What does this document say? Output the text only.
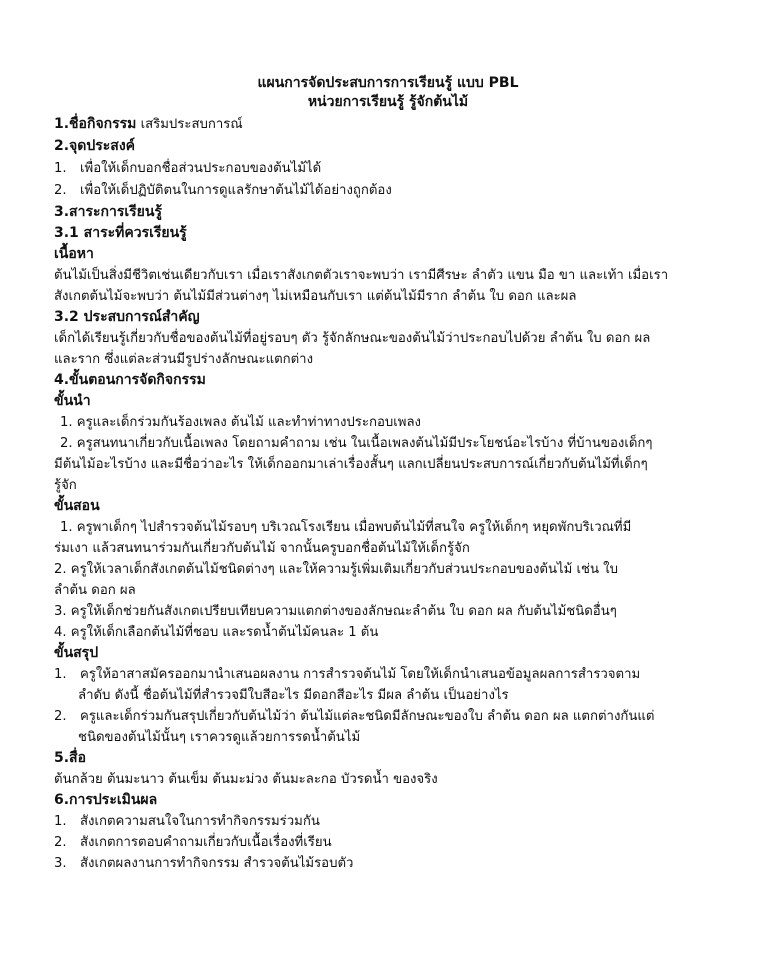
แผนการจัดประสบการการเรียนรู้ แบบ PBL
หน่วยการเรียนรู้ รู้จักต้นไม้
1.ชื่อกิจกรรม เสริมประสบการณ์
2.จุดประสงค์
1. เพื่อให้เด็กบอกชื่อส่วนประกอบของต้นไม้ได้
2. เพื่อให้เด็ปฏิบัติตนในการดูแลรักษาต้นไม้ได้อย่างถูกต้อง
3.สาระการเรียนรู้
3.1 สาระที่ควรเรียนรู้
เนื้อหา
ต้นไม้เป็นสิ่งมีชีวิตเช่นเดียวกับเรา เมื่อเราสังเกตตัวเราจะพบว่า เรามีศีรษะ ลำตัว แขน มือ ขา และเท้า เมื่อเรา
สังเกตต้นไม้จะพบว่า ต้นไม้มีส่วนต่างๆ ไม่เหมือนกับเรา แต่ต้นไม้มีราก ลำต้น ใบ ดอก และผล
3.2 ประสบการณ์สำคัญ
เด็กได้เรียนรู้เกี่ยวกับชื่อของต้นไม้ที่อยู่รอบๆ ตัว รู้จักลักษณะของต้นไม้ว่าประกอบไปด้วย ลำต้น ใบ ดอก ผล
และราก ซึ่งแต่ละส่วนมีรูปร่างลักษณะแตกต่าง
4.ขั้นตอนการจัดกิจกรรม
ขั้นนำ
1. ครูและเด็กร่วมกันร้องเพลง ต้นไม้ และทำท่าทางประกอบเพลง
2. ครูสนทนาเกี่ยวกับเนื้อเพลง โดยถามคำถาม เช่น ในเนื้อเพลงต้นไม้มีประโยชน์อะไรบ้าง ที่บ้านของเด็กๆ
มีต้นไม้อะไรบ้าง และมีชื่อว่าอะไร ให้เด็กออกมาเล่าเรื่องสั้นๆ แลกเปลี่ยนประสบการณ์เกี่ยวกับต้นไม้ที่เด็กๆ
รู้จัก
ขั้นสอน
1. ครูพาเด็กๆ ไปสำรวจต้นไม้รอบๆ บริเวณโรงเรียน เมื่อพบต้นไม้ที่สนใจ ครูให้เด็กๆ หยุดพักบริเวณที่มี
ร่มเงา แล้วสนทนาร่วมกันเกี่ยวกับต้นไม้ จากนั้นครูบอกชื่อต้นไม้ให้เด็กรู้จัก
2. ครูให้เวลาเด็กสังเกตต้นไม้ชนิดต่างๆ และให้ความรู้เพิ่มเติมเกี่ยวกับส่วนประกอบของต้นไม้ เช่น ใบ
ลำต้น ดอก ผล
3. ครูให้เด็กช่วยกันสังเกตเปรียบเทียบความแตกต่างของลักษณะลำต้น ใบ ดอก ผล กับต้นไม้ชนิดอื่นๆ
4. ครูให้เด็กเลือกต้นไม้ที่ชอบ และรดน้ำต้นไม้คนละ 1 ต้น
ขั้นสรุป
1. ครูให้อาสาสมัครออกมานำเสนอผลงาน การสำรวจต้นไม้ โดยให้เด็กนำเสนอข้อมูลผลการสำรวจตาม
ลำดับ ดังนี้ ชื่อต้นไม้ที่สำรวจมีใบสีอะไร มีดอกสีอะไร มีผล ลำต้น เป็นอย่างไร
2. ครูและเด็กร่วมกันสรุปเกี่ยวกับต้นไม้ว่า ต้นไม้แต่ละชนิดมีลักษณะของใบ ลำต้น ดอก ผล แตกต่างกันแต่
ชนิดของต้นไม้นั้นๆ เราควรดูแล้วยการรดน้ำต้นไม้
5.สื่อ
ต้นกล้วย ต้นมะนาว ต้นเข็ม ต้นมะม่วง ต้นมะละกอ บัวรดน้ำ ของจริง
6.การประเมินผล
1. สังเกตความสนใจในการทำกิจกรรมร่วมกัน
2. สังเกตการตอบคำถามเกี่ยวกับเนื้อเรื่องที่เรียน
3. สังเกตผลงานการทำกิจกรรม สำรวจต้นไม้รอบตัว
